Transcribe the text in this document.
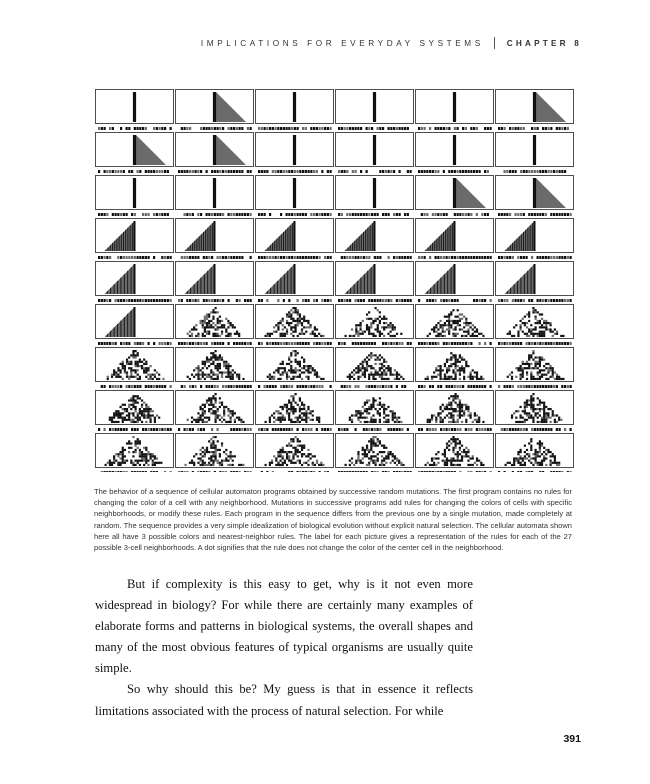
IMPLICATIONS FOR EVERYDAY SYSTEMS	CHAPTER 8

The behavior of a sequence of cellular automaton programs obtained by successive random mutations. The first program contains no rules for changing the color of a cell with any neighborhood. Mutations in successive programs add rules for changing the colors of cells with specific neighborhoods, or modify these rules. Each program in the sequence differs from the previous one by a single mutation, made completely at random. The sequence provides a very simple idealization of biological evolution without explicit natural selection. The cellular automata shown here all have 3 possible colors and nearest-neighbor rules. The label for each picture gives a representation of the rules for each of the 27 possible 3-cell neighborhoods. A dot signifies that the rule does not change the color of the center cell in the neighborhood.

But if complexity is this easy to get, why is it not even more widespread in biology? For while there are certainly many examples of elaborate forms and patterns in biological systems, the overall shapes and many of the most obvious features of typical organisms are usually quite simple.

So why should this be? My guess is that in essence it reflects limitations associated with the process of natural selection. For while

391
